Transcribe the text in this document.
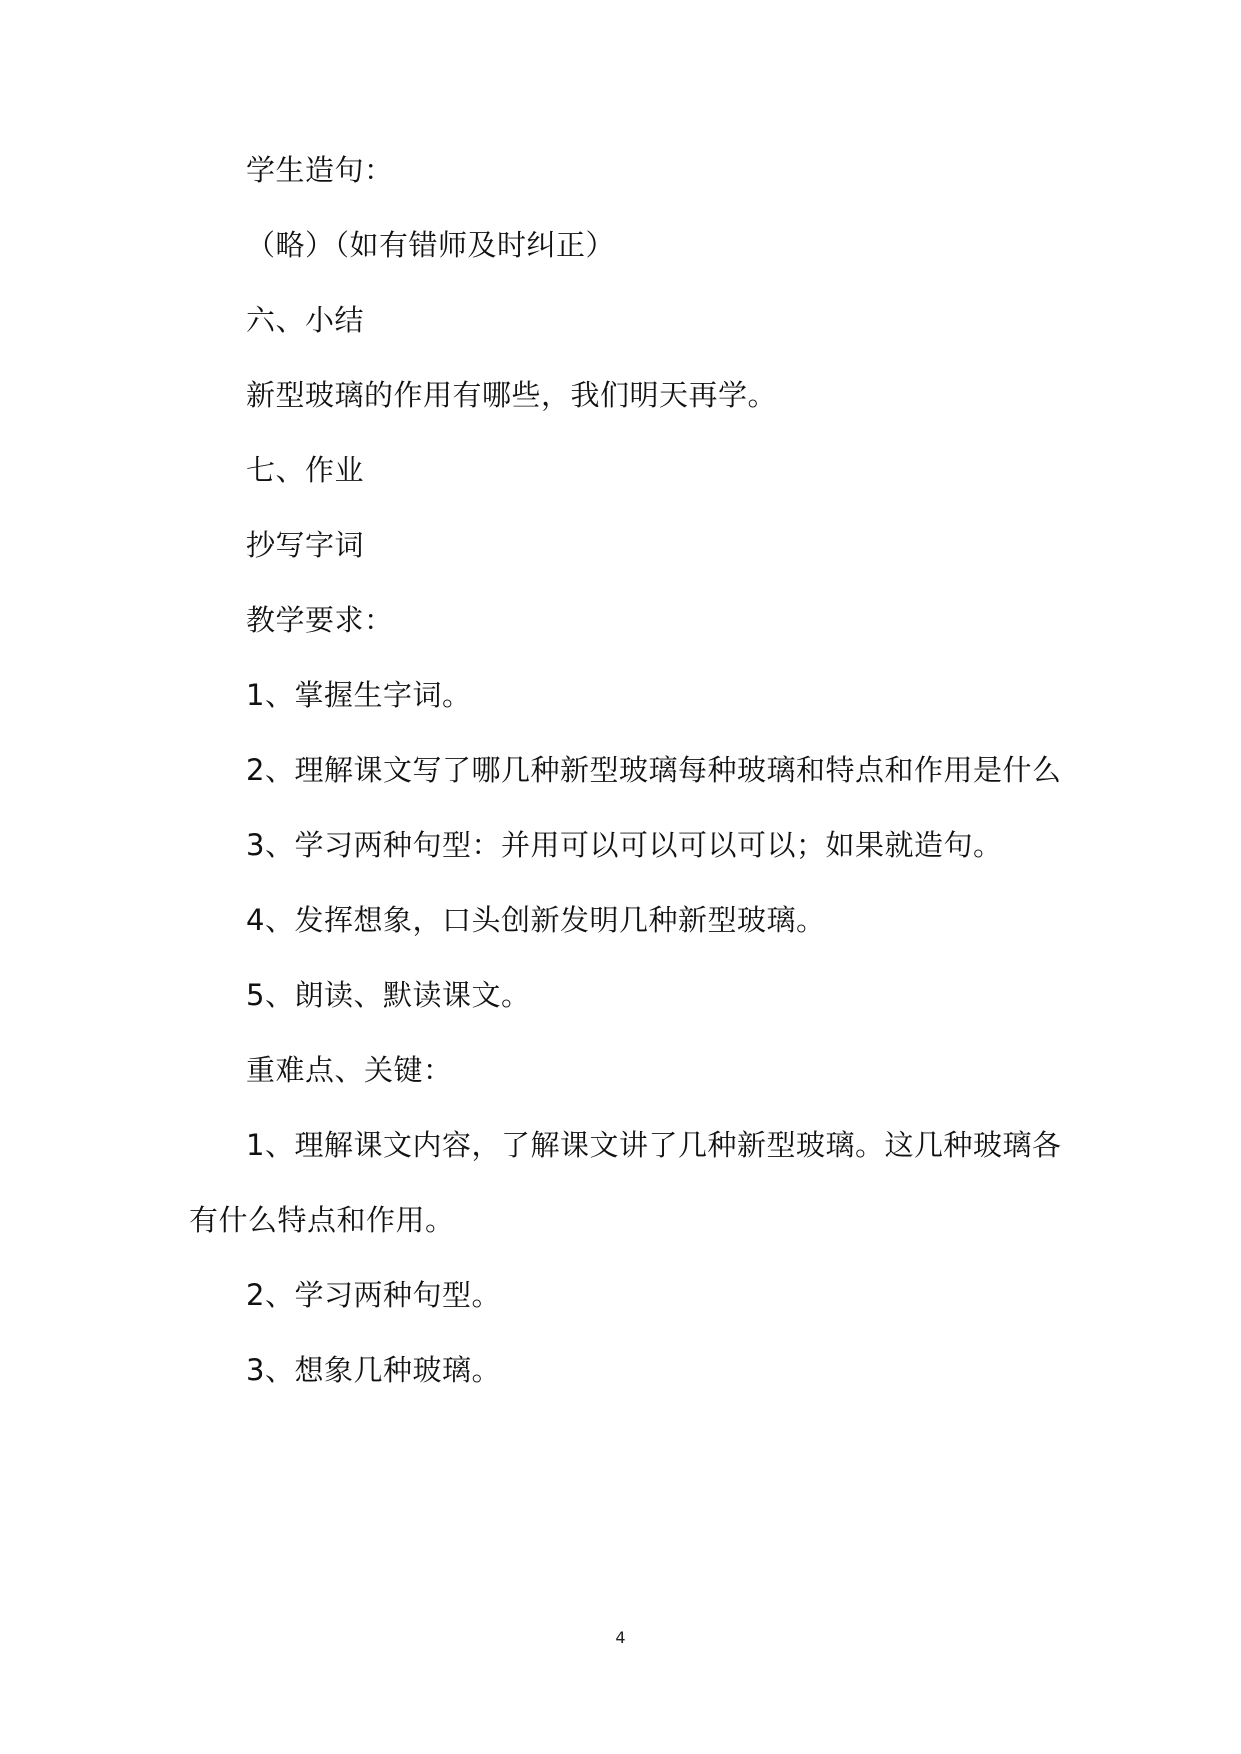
学生造句：
（略）（如有错师及时纠正）
六、小结
新型玻璃的作用有哪些，我们明天再学。
七、作业
抄写字词
教学要求：
1、掌握生字词。
2、理解课文写了哪几种新型玻璃每种玻璃和特点和作用是什么
3、学习两种句型：并用可以可以可以可以；如果就造句。
4、发挥想象，口头创新发明几种新型玻璃。
5、朗读、默读课文。
重难点、关键：
1、理解课文内容，了解课文讲了几种新型玻璃。这几种玻璃各
有什么特点和作用。
2、学习两种句型。
3、想象几种玻璃。
4
